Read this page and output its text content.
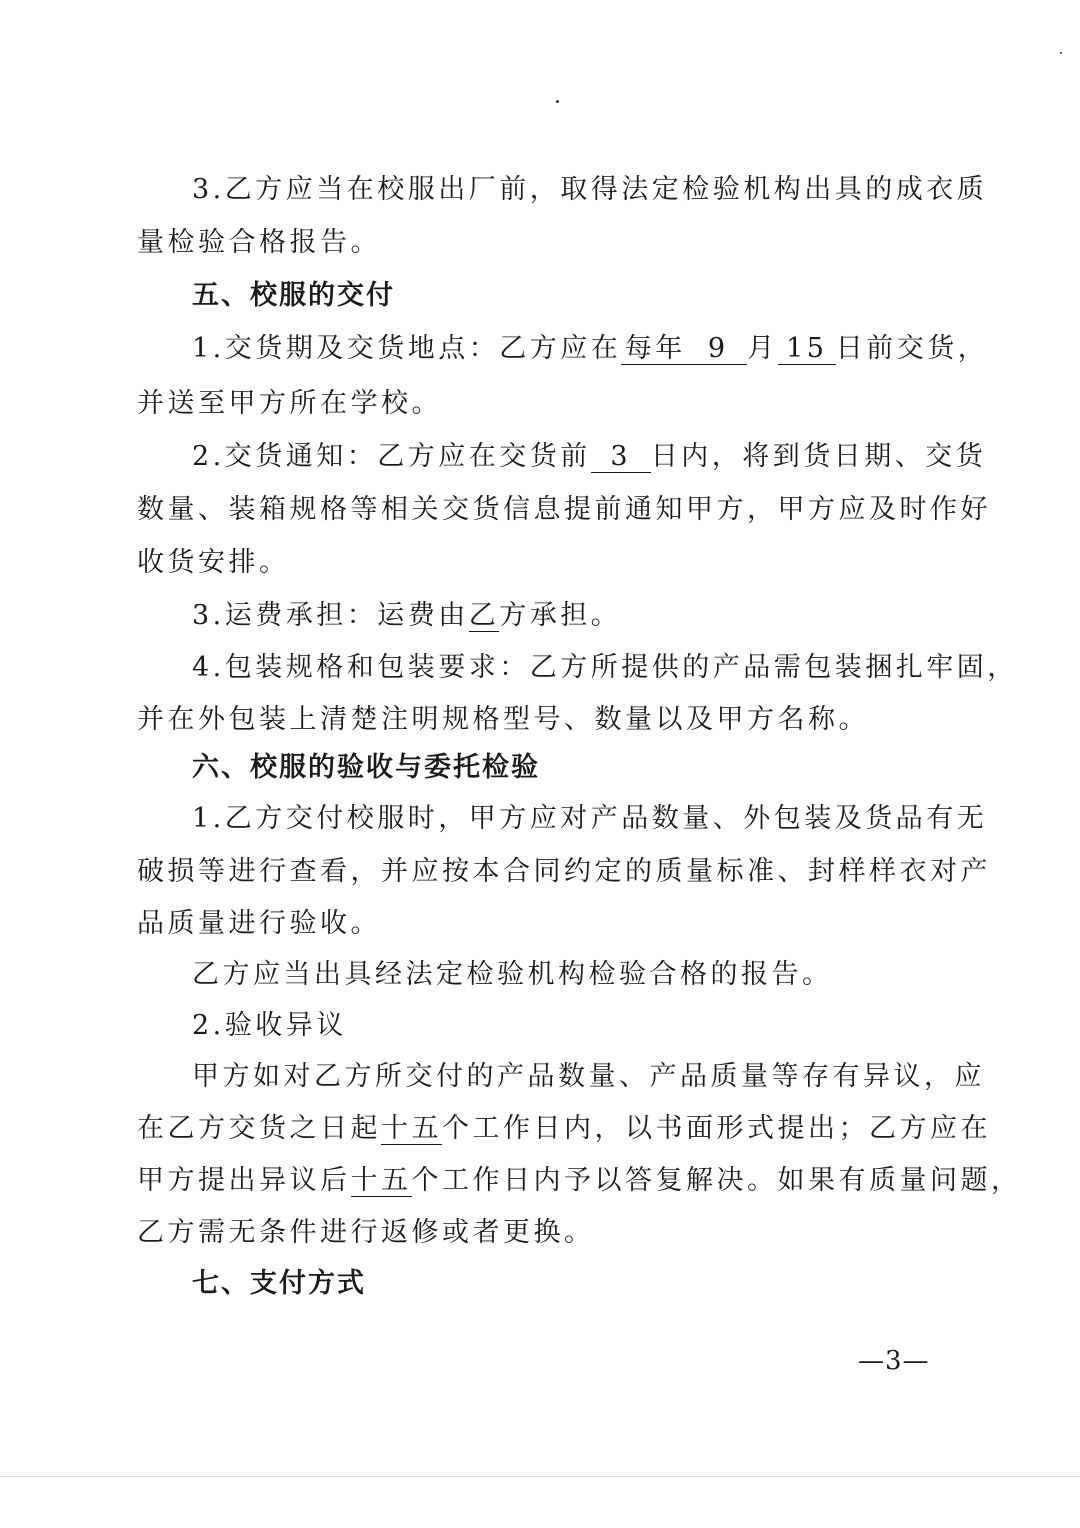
3.乙方应当在校服出厂前，取得法定检验机构出具的成衣质
量检验合格报告。
五、校服的交付
1.交货期及交货地点：乙方应在 每年 9 月 15 日前交货，
并送至甲方所在学校。
2.交货通知：乙方应在交货前 3 日内，将到货日期、交货
数量、装箱规格等相关交货信息提前通知甲方，甲方应及时作好
收货安排。
3.运费承担：运费由乙方承担。
4.包装规格和包装要求：乙方所提供的产品需包装捆扎牢固，
并在外包装上清楚注明规格型号、数量以及甲方名称。
六、校服的验收与委托检验
1.乙方交付校服时，甲方应对产品数量、外包装及货品有无
破损等进行查看，并应按本合同约定的质量标准、封样样衣对产
品质量进行验收。
乙方应当出具经法定检验机构检验合格的报告。
2.验收异议
甲方如对乙方所交付的产品数量、产品质量等存有异议，应
在乙方交货之日起十五个工作日内，以书面形式提出；乙方应在
甲方提出异议后十五个工作日内予以答复解决。如果有质量问题，
乙方需无条件进行返修或者更换。
七、支付方式
—3—
